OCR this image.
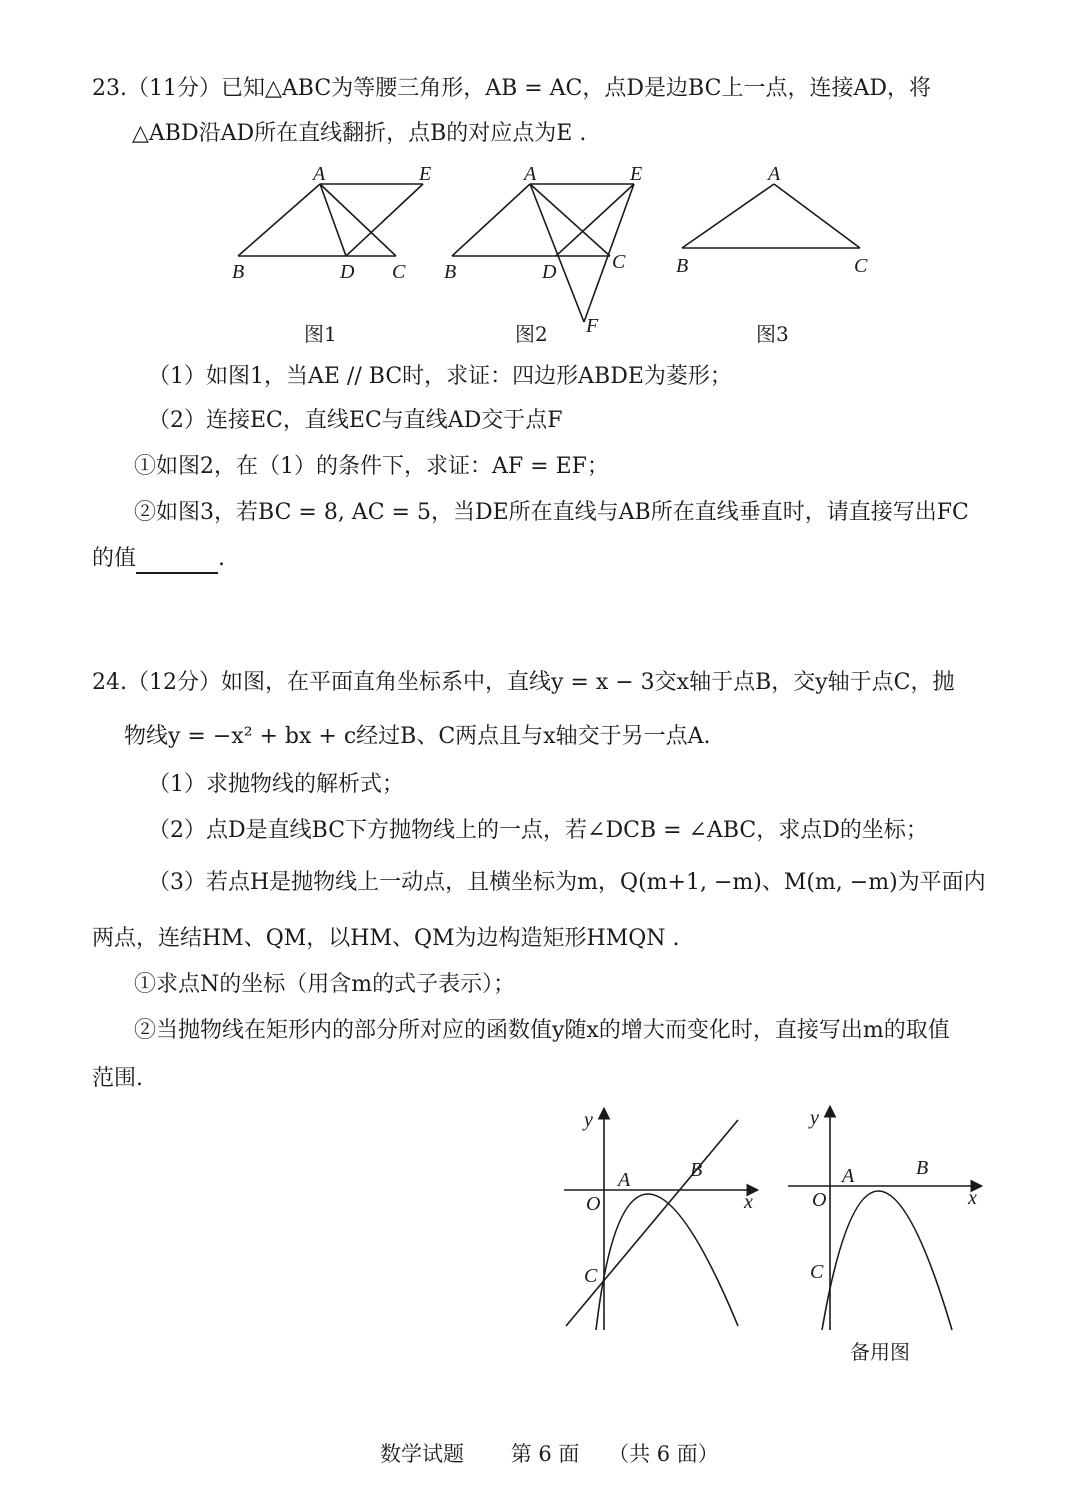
23.（11分）已知△ABC为等腰三角形，AB = AC，点D是边BC上一点，连接AD，将
△ABD沿AD所在直线翻折，点B的对应点为E .
A	E
B	D C
图1
A	E
B	D	C
F
图2
A
B	C
图3
（1）如图1，当AE // BC时，求证：四边形ABDE为菱形；
（2）连接EC，直线EC与直线AD交于点F
①如图2，在（1）的条件下，求证：AF = EF；
②如图3，若BC = 8, AC = 5，当DE所在直线与AB所在直线垂直时，请直接写出FC
的值	.
24.（12分）如图，在平面直角坐标系中，直线y = x − 3交x轴于点B，交y轴于点C，抛
物线y = −x² + bx + c经过B、C两点且与x轴交于另一点A.
（1）求抛物线的解析式；
（2）点D是直线BC下方抛物线上的一点，若∠DCB = ∠ABC，求点D的坐标；
（3）若点H是抛物线上一动点，且横坐标为m，Q(m+1, −m)、M(m, −m)为平面内
两点，连结HM、QM，以HM、QM为边构造矩形HMQN .
①求点N的坐标（用含m的式子表示）；
②当抛物线在矩形内的部分所对应的函数值y随x的增大而变化时，直接写出m的取值
范围.
y
x
O
A	B
C
y
x
O
A	B
C
备用图
数学试题 第 6 面 （共 6 面）
